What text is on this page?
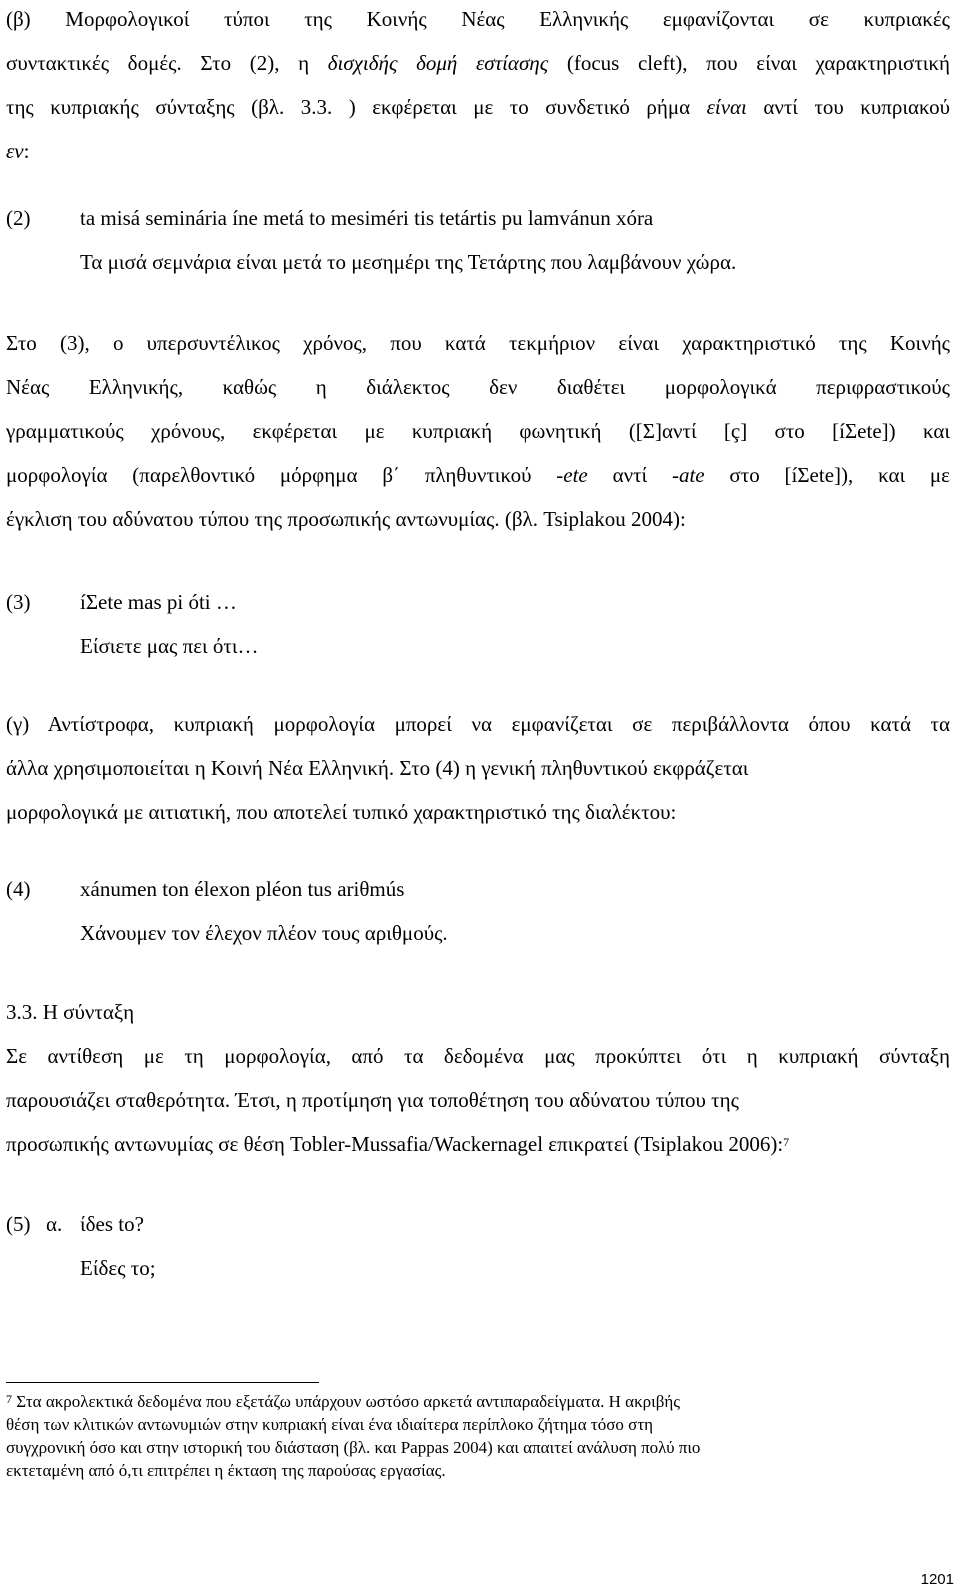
(β) Μορφολογικοί τύποι της Κοινής Νέας Ελληνικής εμφανίζονται σε κυπριακές
συντακτικές δομές. Στο (2), η δισχιδής δομή εστίασης (focus cleft), που είναι χαρακτηριστική
της κυπριακής σύνταξης (βλ. 3.3. ) εκφέρεται με το συνδετικό ρήμα είναι αντί του κυπριακού
εν:
(2) ta misá seminária íne metá to mesiméri tis tetártis pu lamvánun xóra
Τα μισά σεμνάρια είναι μετά το μεσημέρι της Τετάρτης που λαμβάνουν χώρα.
Στο (3), ο υπερσυντέλικος χρόνος, που κατά τεκμήριον είναι χαρακτηριστικό της Κοινής
Νέας Ελληνικής, καθώς η διάλεκτος δεν διαθέτει μορφολογικά περιφραστικούς
γραμματικούς χρόνους, εκφέρεται με κυπριακή φωνητική ([Σ]αντί [ç] στο [íΣete]) και
μορφολογία (παρελθοντικό μόρφημα β΄ πληθυντικού -ete αντί -ate στο [íΣete]), και με
έγκλιση του αδύνατου τύπου της προσωπικής αντωνυμίας. (βλ. Tsiplakou 2004):
(3) íΣete mas pi óti …
Είσιετε μας πει ότι…
(γ) Αντίστροφα, κυπριακή μορφολογία μπορεί να εμφανίζεται σε περιβάλλοντα όπου κατά τα
άλλα χρησιμοποιείται η Κοινή Νέα Ελληνική. Στο (4) η γενική πληθυντικού εκφράζεται
μορφολογικά με αιτιατική, που αποτελεί τυπικό χαρακτηριστικό της διαλέκτου:
(4) xánumen ton élexon pléon tus ariθmús
Χάνουμεν τον έλεχον πλέον τους αριθμούς.
3.3. Η σύνταξη
Σε αντίθεση με τη μορφολογία, από τα δεδομένα μας προκύπτει ότι η κυπριακή σύνταξη
παρουσιάζει σταθερότητα. Έτσι, η προτίμηση για τοποθέτηση του αδύνατου τύπου της
προσωπικής αντωνυμίας σε θέση Tobler-Mussafia/Wackernagel επικρατεί (Tsiplakou 2006):$^7$
(5) α. ίδes to?
Είδες το;
$^7$ Στα ακρολεκτικά δεδομένα που εξετάζω υπάρχουν ωστόσο αρκετά αντιπαραδείγματα. Η ακριβής
θέση των κλιτικών αντωνυμιών στην κυπριακή είναι ένα ιδιαίτερα περίπλοκο ζήτημα τόσο στη
συγχρονική όσο και στην ιστορική του διάσταση (βλ. και Pappas 2004) και απαιτεί ανάλυση πολύ πιο
εκτεταμένη από ό,τι επιτρέπει η έκταση της παρούσας εργασίας.
1201
